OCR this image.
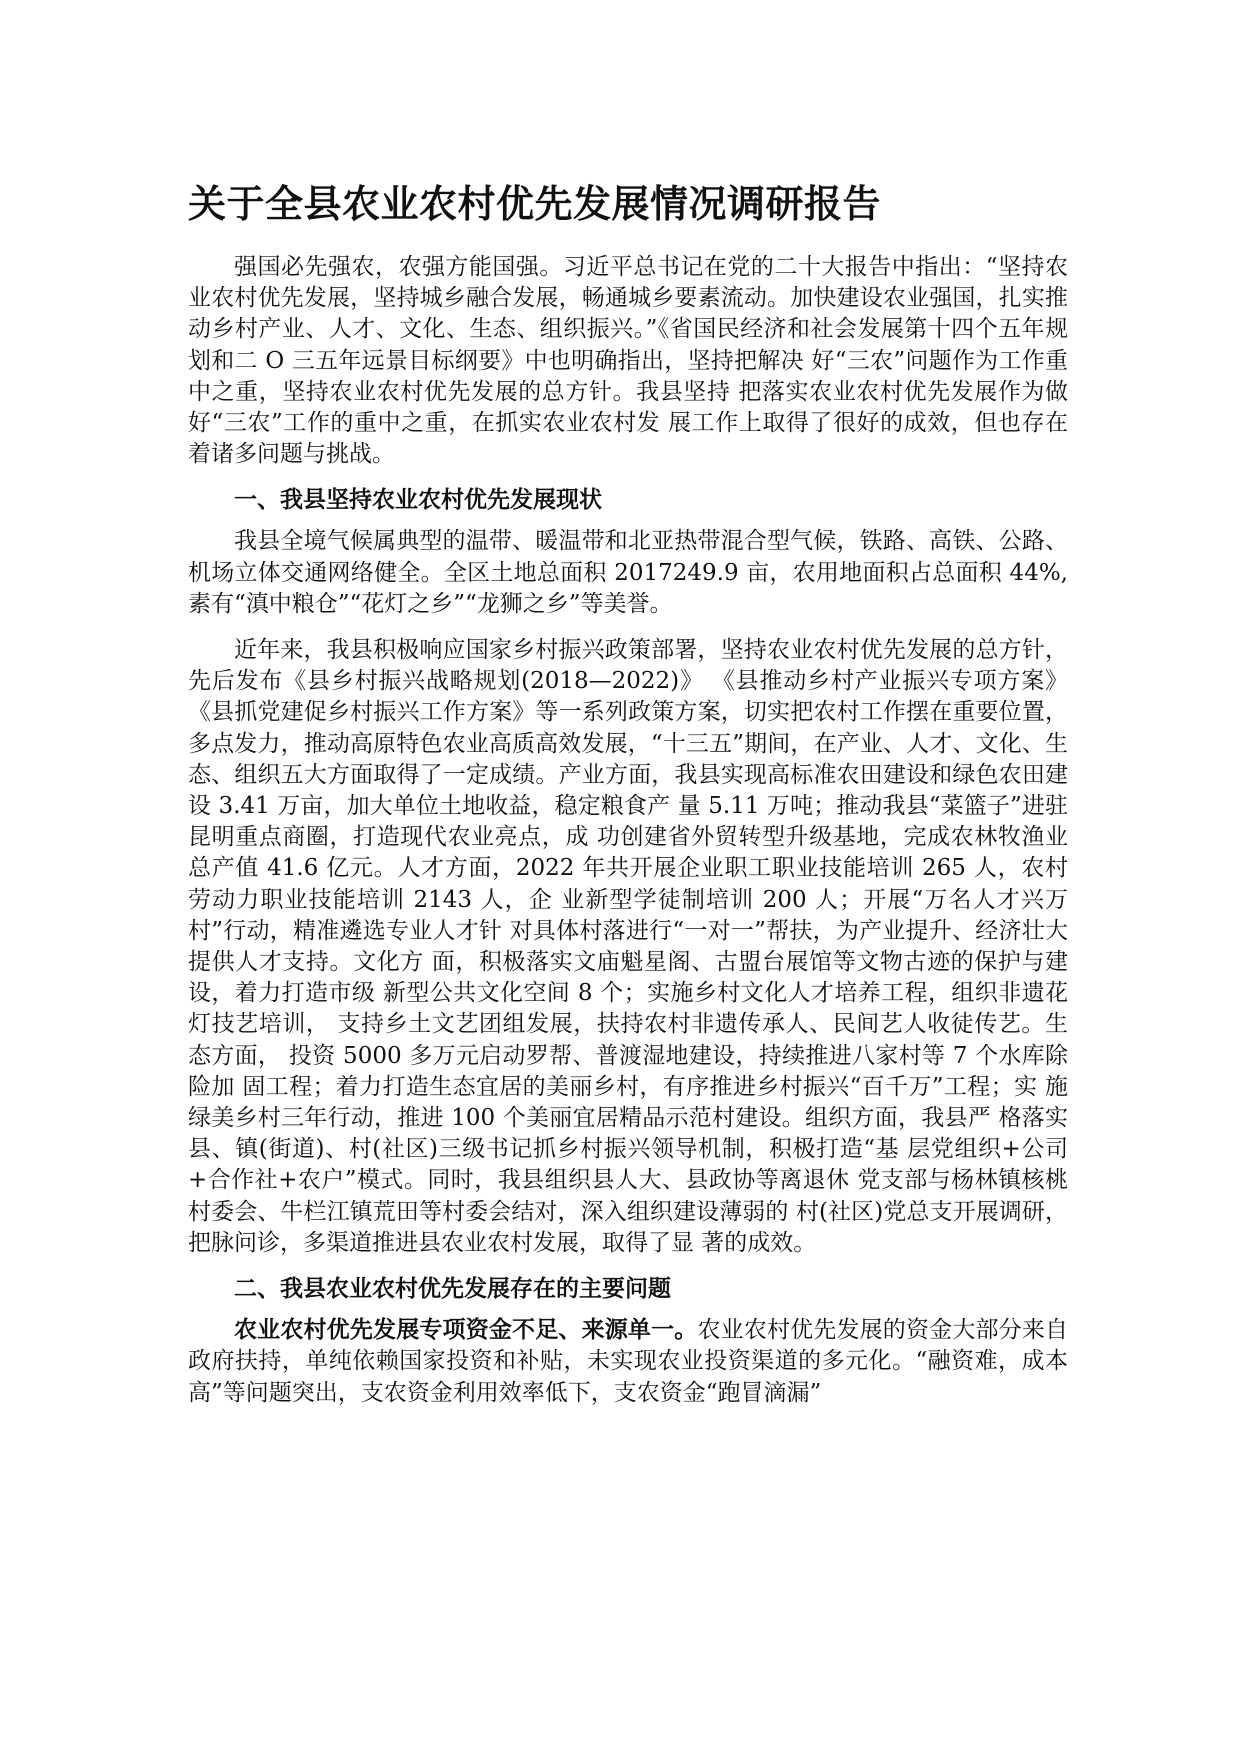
关于全县农业农村优先发展情况调研报告

强国必先强农，农强方能国强。习近平总书记在党的二十大报告中指出：“坚持农业农村优先发展，坚持城乡融合发展，畅通城乡要素流动。加快建设农业强国，扎实推动乡村产业、人才、文化、生态、组织振兴。”《省国民经济和社会发展第十四个五年规划和二 O 三五年远景目标纲要》中也明确指出，坚持把解决 好“三农”问题作为工作重中之重，坚持农业农村优先发展的总方针。我县坚持 把落实农业农村优先发展作为做好“三农”工作的重中之重，在抓实农业农村发 展工作上取得了很好的成效，但也存在着诸多问题与挑战。

一、我县坚持农业农村优先发展现状

我县全境气候属典型的温带、暖温带和北亚热带混合型气候，铁路、高铁、公路、机场立体交通网络健全。全区土地总面积 2017249.9 亩，农用地面积占总面积 44%,素有“滇中粮仓”“花灯之乡”“龙狮之乡”等美誉。

近年来，我县积极响应国家乡村振兴政策部署，坚持农业农村优先发展的总方针，先后发布《县乡村振兴战略规划(2018—2022)》 《县推动乡村产业振兴专项方案》《县抓党建促乡村振兴工作方案》等一系列政策方案，切实把农村工作摆在重要位置，多点发力，推动高原特色农业高质高效发展，“十三五”期间，在产业、人才、文化、生态、组织五大方面取得了一定成绩。产业方面，我县实现高标准农田建设和绿色农田建设 3.41 万亩，加大单位土地收益，稳定粮食产 量 5.11 万吨；推动我县“菜篮子”进驻昆明重点商圈，打造现代农业亮点，成 功创建省外贸转型升级基地，完成农林牧渔业总产值 41.6 亿元。人才方面，2022 年共开展企业职工职业技能培训 265 人，农村劳动力职业技能培训 2143 人，企 业新型学徒制培训 200 人；开展“万名人才兴万村”行动，精准遴选专业人才针 对具体村落进行“一对一”帮扶，为产业提升、经济壮大提供人才支持。文化方 面，积极落实文庙魁星阁、古盟台展馆等文物古迹的保护与建设，着力打造市级 新型公共文化空间 8 个；实施乡村文化人才培养工程，组织非遗花灯技艺培训， 支持乡土文艺团组发展，扶持农村非遗传承人、民间艺人收徒传艺。生态方面， 投资 5000 多万元启动罗帮、普渡湿地建设，持续推进八家村等 7 个水库除险加 固工程；着力打造生态宜居的美丽乡村，有序推进乡村振兴“百千万”工程；实 施绿美乡村三年行动，推进 100 个美丽宜居精品示范村建设。组织方面，我县严 格落实县、镇(街道)、村(社区)三级书记抓乡村振兴领导机制，积极打造“基 层党组织+公司+合作社+农户”模式。同时，我县组织县人大、县政协等离退休 党支部与杨林镇核桃村委会、牛栏江镇荒田等村委会结对，深入组织建设薄弱的 村(社区)党总支开展调研，把脉问诊，多渠道推进县农业农村发展，取得了显 著的成效。

二、我县农业农村优先发展存在的主要问题

农业农村优先发展专项资金不足、来源单一。农业农村优先发展的资金大部分来自政府扶持，单纯依赖国家投资和补贴，未实现农业投资渠道的多元化。“融资难，成本高”等问题突出，支农资金利用效率低下，支农资金“跑冒滴漏”
